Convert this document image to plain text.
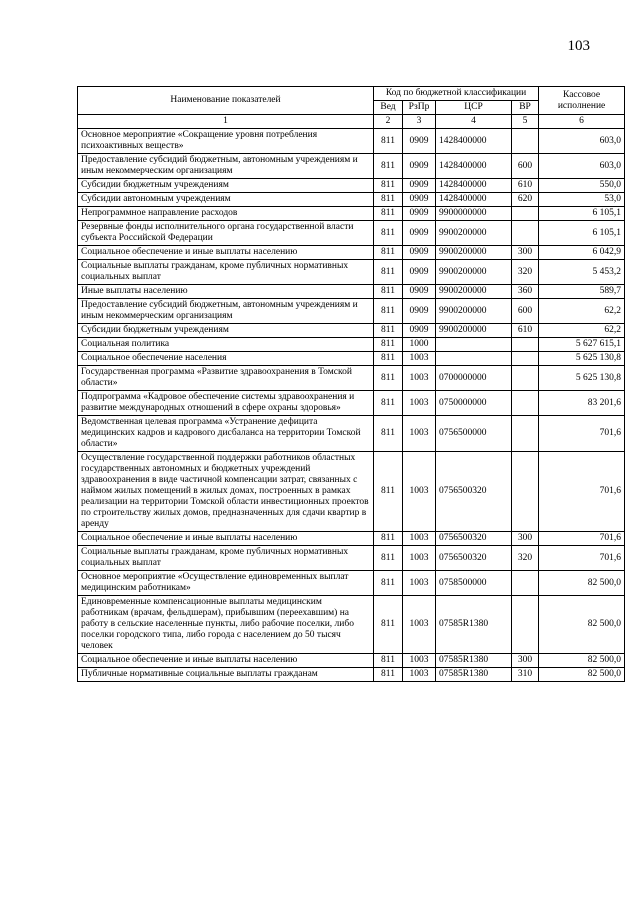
103
Наименование показателей	Код по бюджетной классификации				Кассовое исполнение
	Вед	РзПр	ЦСР	ВР	
1	2	3	4	5	6
Основное мероприятие «Сокращение уровня потребления психоактивных веществ»	811	0909	1428400000		603,0
Предоставление субсидий бюджетным, автономным учреждениям и иным некоммерческим организациям	811	0909	1428400000	600	603,0
Субсидии бюджетным учреждениям	811	0909	1428400000	610	550,0
Субсидии автономным учреждениям	811	0909	1428400000	620	53,0
Непрограммное направление расходов	811	0909	9900000000		6 105,1
Резервные фонды исполнительного органа государственной власти субъекта Российской Федерации	811	0909	9900200000		6 105,1
Социальное обеспечение и иные выплаты населению	811	0909	9900200000	300	6 042,9
Социальные выплаты гражданам, кроме публичных нормативных социальных выплат	811	0909	9900200000	320	5 453,2
Иные выплаты населению	811	0909	9900200000	360	589,7
Предоставление субсидий бюджетным, автономным учреждениям и иным некоммерческим организациям	811	0909	9900200000	600	62,2
Субсидии бюджетным учреждениям	811	0909	9900200000	610	62,2
Социальная политика	811	1000			5 627 615,1
Социальное обеспечение населения	811	1003			5 625 130,8
Государственная программа «Развитие здравоохранения в Томской области»	811	1003	0700000000		5 625 130,8
Подпрограмма «Кадровое обеспечение системы здравоохранения и развитие международных отношений в сфере охраны здоровья»	811	1003	0750000000		83 201,6
Ведомственная целевая программа «Устранение дефицита медицинских кадров и кадрового дисбаланса на территории Томской области»	811	1003	0756500000		701,6
Осуществление государственной поддержки работников областных государственных автономных и бюджетных учреждений здравоохранения в виде частичной компенсации затрат, связанных с наймом жилых помещений в жилых домах, построенных в рамках реализации на территории Томской области инвестиционных проектов по строительству жилых домов, предназначенных для сдачи квартир в аренду	811	1003	0756500320		701,6
Социальное обеспечение и иные выплаты населению	811	1003	0756500320	300	701,6
Социальные выплаты гражданам, кроме публичных нормативных социальных выплат	811	1003	0756500320	320	701,6
Основное мероприятие «Осуществление единовременных выплат медицинским работникам»	811	1003	0758500000		82 500,0
Единовременные компенсационные выплаты медицинским работникам (врачам, фельдшерам), прибывшим (переехавшим) на работу в сельские населенные пункты, либо рабочие поселки, либо поселки городского типа, либо города с населением до 50 тысяч человек	811	1003	07585R1380		82 500,0
Социальное обеспечение и иные выплаты населению	811	1003	07585R1380	300	82 500,0
Публичные нормативные социальные выплаты гражданам	811	1003	07585R1380	310	82 500,0
